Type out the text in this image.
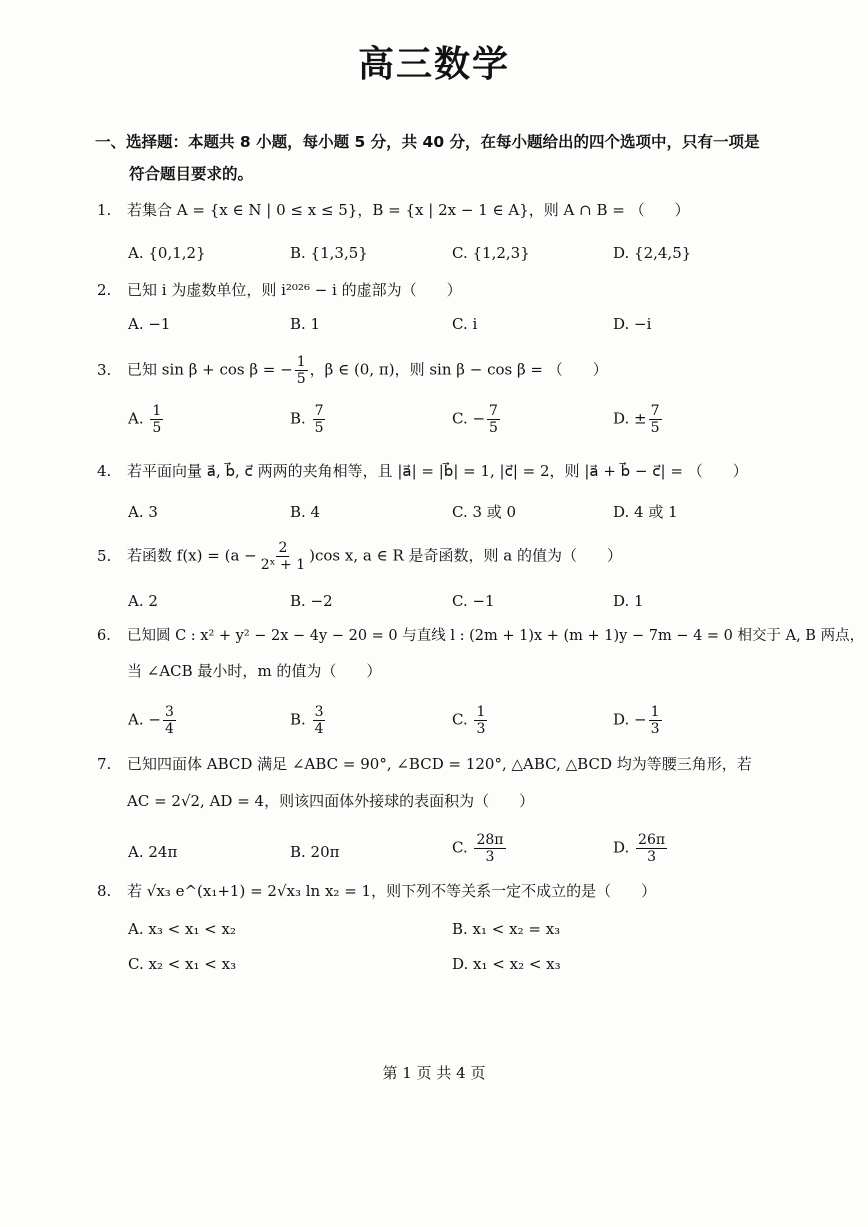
高三数学
一、选择题：本题共 8 小题，每小题 5 分，共 40 分，在每小题给出的四个选项中，只有一项是
符合题目要求的。
1. 若集合 A = {x ∈ N | 0 ≤ x ≤ 5}，B = {x | 2x − 1 ∈ A}，则 A ∩ B = （　　）
A. {0,1,2}	B. {1,3,5}	C. {1,2,3}	D. {2,4,5}
2. 已知 i 为虚数单位，则 i²⁰²⁶ − i 的虚部为（　　）
A. −1	B. 1	C. i	D. −i
3. 已知 sin β + cos β = − $\frac{1}{5}$ ，β ∈ (0, π)，则 sin β − cos β = （　　）
A. $\frac{1}{5}$	B. $\frac{7}{5}$	C. − $\frac{7}{5}$	D. ± $\frac{7}{5}$
4. 若平面向量 a⃗, b⃗, c⃗ 两两的夹角相等，且 |a⃗| = |b⃗| = 1, |c⃗| = 2，则 |a⃗ + b⃗ − c⃗| = （　　）
A. 3	B. 4	C. 3 或 0	D. 4 或 1
5. 若函数 $f(x) = (a - \frac{2}{\text{2ˣ + 1}} )\cos$ x, a ∈ R 是奇函数，则 a 的值为（　　）
A. 2	B. −2	C. −1	D. 1
6. 已知圆 C : x² + y² − 2x − 4y − 20 = 0 与直线 l : (2m + 1)x + (m + 1)y − 7m − 4 = 0 相交于 A, B 两点，
当 ∠ACB 最小时，m 的值为（　　）
A. − $\frac{3}{4}$	B. $\frac{3}{4}$	C. $\frac{1}{3}$	D. − $\frac{1}{3}$
7. 已知四面体 ABCD 满足 ∠ABC = 90°, ∠BCD = 120°, △ABC, △BCD 均为等腰三角形，若
AC = 2√2, AD = 4，则该四面体外接球的表面积为（　　）
A. 24π	B. 20π	C. $\frac{28\pi}{3}$	D. $\frac{26\pi}{3}$
8. 若 √x₃ e^(x₁+1) = 2√x₃ ln x₂ = 1，则下列不等关系一定不成立的是（　　）
A. x₃ < x₁ < x₂	B. x₁ < x₂ = x₃
C. x₂ < x₁ < x₃	D. x₁ < x₂ < x₃
第 1 页 共 4 页
